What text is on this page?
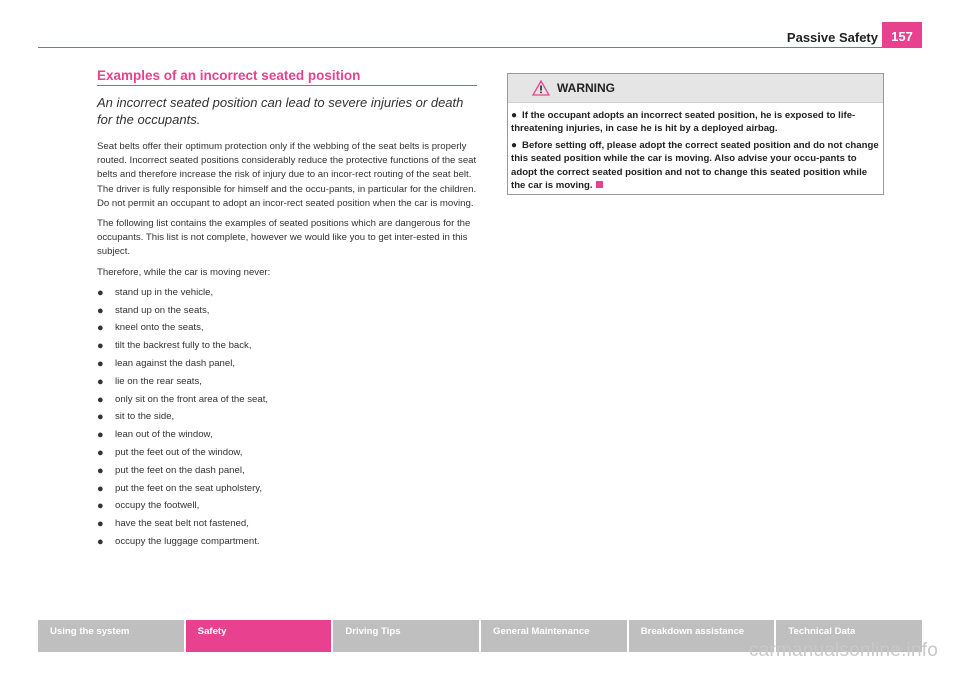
Passive Safety	157
Examples of an incorrect seated position

An incorrect seated position can lead to severe injuries or death for the occupants.

Seat belts offer their optimum protection only if the webbing of the seat belts is properly routed. Incorrect seated positions considerably reduce the protective functions of the seat belts and therefore increase the risk of injury due to an incor-rect routing of the seat belt. The driver is fully responsible for himself and the occu-pants, in particular for the children. Do not permit an occupant to adopt an incor-rect seated position when the car is moving.

The following list contains the examples of seated positions which are dangerous for the occupants. This list is not complete, however we would like you to get inter-ested in this subject.

Therefore, while the car is moving never:

● stand up in the vehicle,
● stand up on the seats,
● kneel onto the seats,
● tilt the backrest fully to the back,
● lean against the dash panel,
● lie on the rear seats,
● only sit on the front area of the seat,
● sit to the side,
● lean out of the window,
● put the feet out of the window,
● put the feet on the dash panel,
● put the feet on the seat upholstery,
● occupy the footwell,
● have the seat belt not fastened,
● occupy the luggage compartment.
WARNING
● If the occupant adopts an incorrect seated position, he is exposed to life-threatening injuries, in case he is hit by a deployed airbag.
● Before setting off, please adopt the correct seated position and do not change this seated position while the car is moving. Also advise your occu-pants to adopt the correct seated position and not to change this seated position while the car is moving.
Using the system	Safety	Driving Tips	General Maintenance	Breakdown assistance	Technical Data
carmanualsonline.info
